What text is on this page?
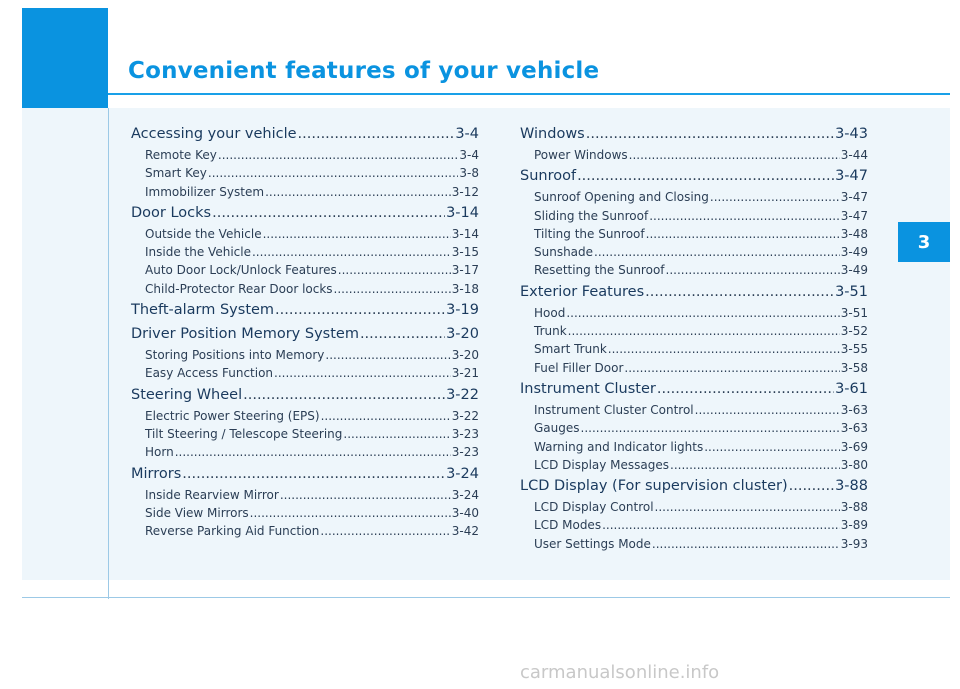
Convenient features of your vehicle
3
Accessing your vehicle .....	3-4
Remote Key .....	3-4
Smart Key .....	3-8
Immobilizer System .....	3-12
Door Locks .....	3-14
Outside the Vehicle .....	3-14
Inside the Vehicle .....	3-15
Auto Door Lock/Unlock Features .....	3-17
Child-Protector Rear Door locks .....	3-18
Theft-alarm System .....	3-19
Driver Position Memory System .....	3-20
Storing Positions into Memory .....	3-20
Easy Access Function .....	3-21
Steering Wheel .....	3-22
Electric Power Steering (EPS) .....	3-22
Tilt Steering / Telescope Steering .....	3-23
Horn .....	3-23
Mirrors .....	3-24
Inside Rearview Mirror .....	3-24
Side View Mirrors .....	3-40
Reverse Parking Aid Function .....	3-42
Windows .....	3-43
Power Windows .....	3-44
Sunroof .....	3-47
Sunroof Opening and Closing .....	3-47
Sliding the Sunroof .....	3-47
Tilting the Sunroof .....	3-48
Sunshade .....	3-49
Resetting the Sunroof .....	3-49
Exterior Features .....	3-51
Hood .....	3-51
Trunk .....	3-52
Smart Trunk .....	3-55
Fuel Filler Door .....	3-58
Instrument Cluster .....	3-61
Instrument Cluster Control .....	3-63
Gauges .....	3-63
Warning and Indicator lights .....	3-69
LCD Display Messages .....	3-80
LCD Display (For supervision cluster) .....	3-88
LCD Display Control .....	3-88
LCD Modes .....	3-89
User Settings Mode .....	3-93
carmanualsonline.info
